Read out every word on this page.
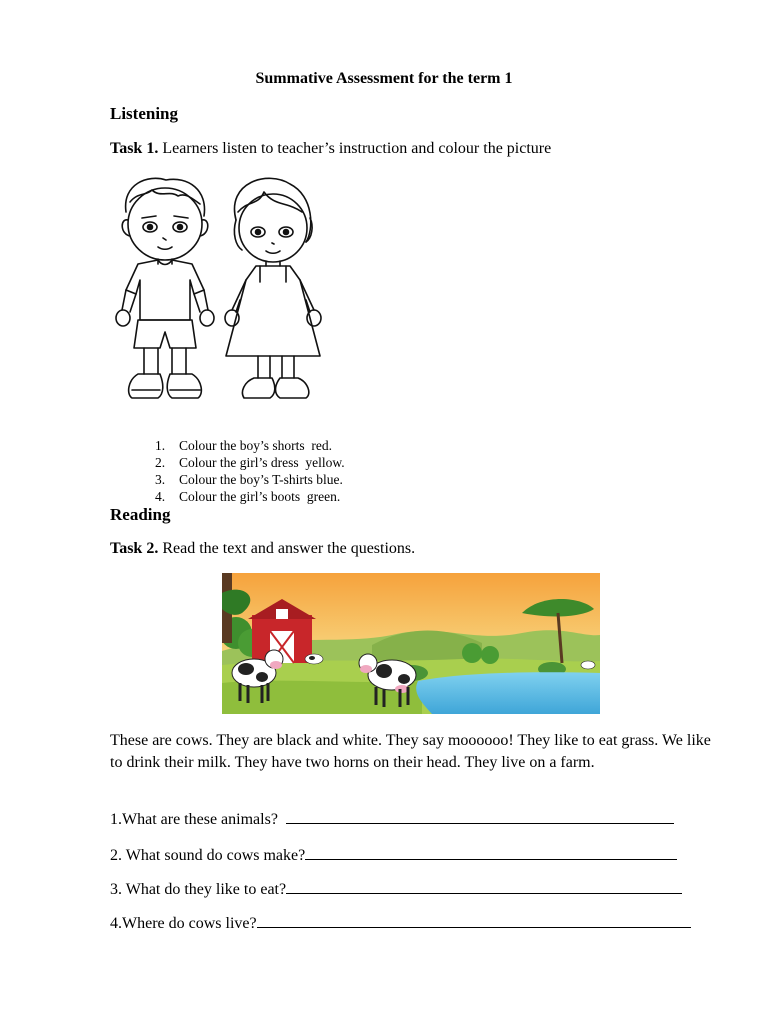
Summative Assessment for the term 1
Listening
Task 1. Learners listen to teacher’s instruction and colour the picture
1. Colour the boy’s shorts  red.
2. Colour the girl’s dress  yellow.
3. Colour the boy’s T-shirts blue.
4. Colour the girl’s boots  green.
Reading
Task 2. Read the text and answer the questions.
These are cows. They are black and white. They say moooooo! They like to eat grass. We like to drink their milk. They have two horns on their head. They live on a farm.
1.What are these animals?
2. What sound do cows make?
3. What do they like to eat?
4.Where do cows live?
